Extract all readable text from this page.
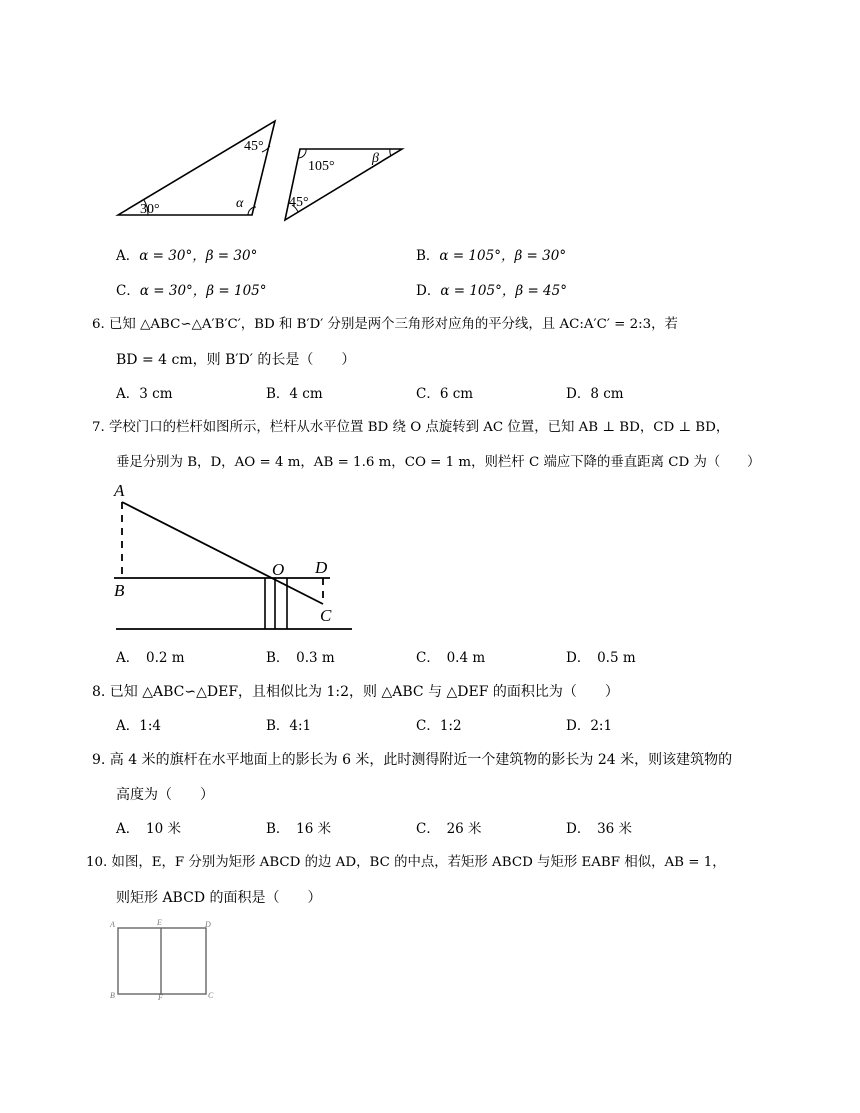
45°
30°	α
105°
β
45°
A．α = 30°，β = 30°	B．α = 105°，β = 30°
C．α = 30°，β = 105°	D．α = 105°，β = 45°
6. 已知 △ABC∽△A′B′C′，BD 和 B′D′ 分别是两个三角形对应角的平分线，且 AC:A′C′ = 2:3，若
BD = 4 cm，则 B′D′ 的长是（　　）
A．3 cm	B．4 cm	C．6 cm	D．8 cm
7. 学校门口的栏杆如图所示，栏杆从水平位置 BD 绕 O 点旋转到 AC 位置，已知 AB ⊥ BD，CD ⊥ BD，
垂足分别为 B，D，AO = 4 m，AB = 1.6 m，CO = 1 m，则栏杆 C 端应下降的垂直距离 CD 为（　　）
A
B
O D
C
A．　0.2 m	B．　0.3 m	C．　0.4 m	D．　0.5 m
8. 已知 △ABC∽△DEF，且相似比为 1:2，则 △ABC 与 △DEF 的面积比为（　　）
A．1:4	B．4:1	C．1:2	D．2:1
9. 高 4 米的旗杆在水平地面上的影长为 6 米，此时测得附近一个建筑物的影长为 24 米，则该建筑物的
高度为（　　）
A．　10 米	B．　16 米	C．　26 米	D．　36 米
10. 如图，E，F 分别为矩形 ABCD 的边 AD，BC 的中点，若矩形 ABCD 与矩形 EABF 相似，AB = 1，
则矩形 ABCD 的面积是（　　）
A	E	D
B	F	C
